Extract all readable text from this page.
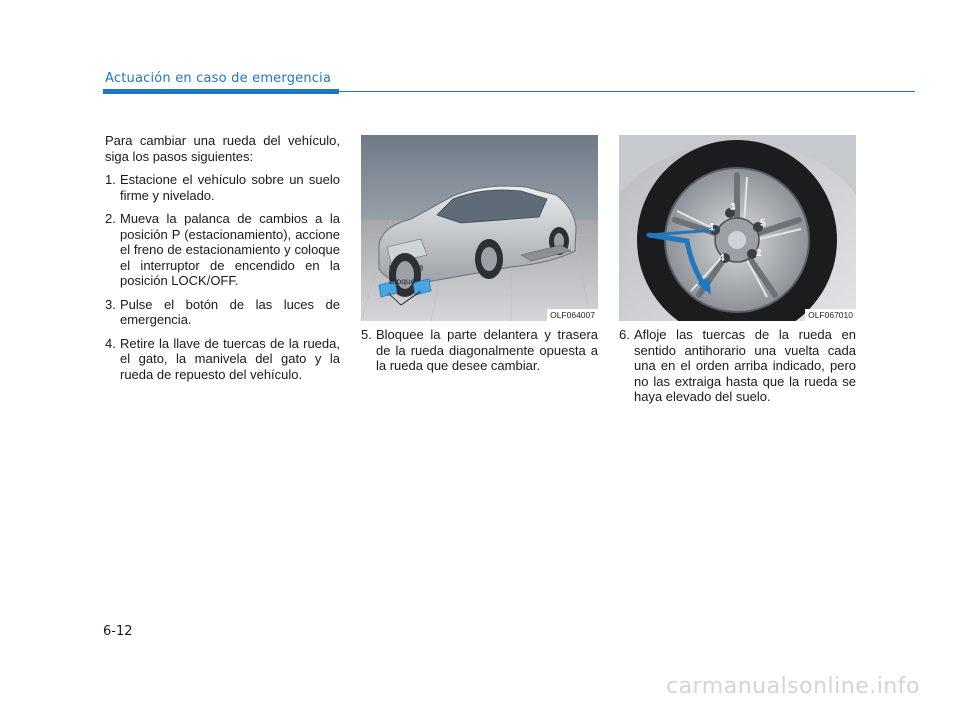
Actuación en caso de emergencia

Para cambiar una rueda del vehículo, siga los pasos siguientes:

1. Estacione el vehículo sobre un suelo firme y nivelado.
2. Mueva la palanca de cambios a la posición P (estacionamiento), accione el freno de estacionamiento y coloque el interruptor de encendido en la posición LOCK/OFF.
3. Pulse el botón de las luces de emergencia.
4. Retire la llave de tuercas de la rueda, el gato, la manivela del gato y la rueda de repuesto del vehículo.
Bloque
OLF064007
5. Bloquee la parte delantera y trasera de la rueda diagonalmente opuesta a la rueda que desee cambiar.
1
2
3
4
5
OLF067010
6. Afloje las tuercas de la rueda en sentido antihorario una vuelta cada una en el orden arriba indicado, pero no las extraiga hasta que la rueda se haya elevado del suelo.
6-12
carmanualsonline.info
